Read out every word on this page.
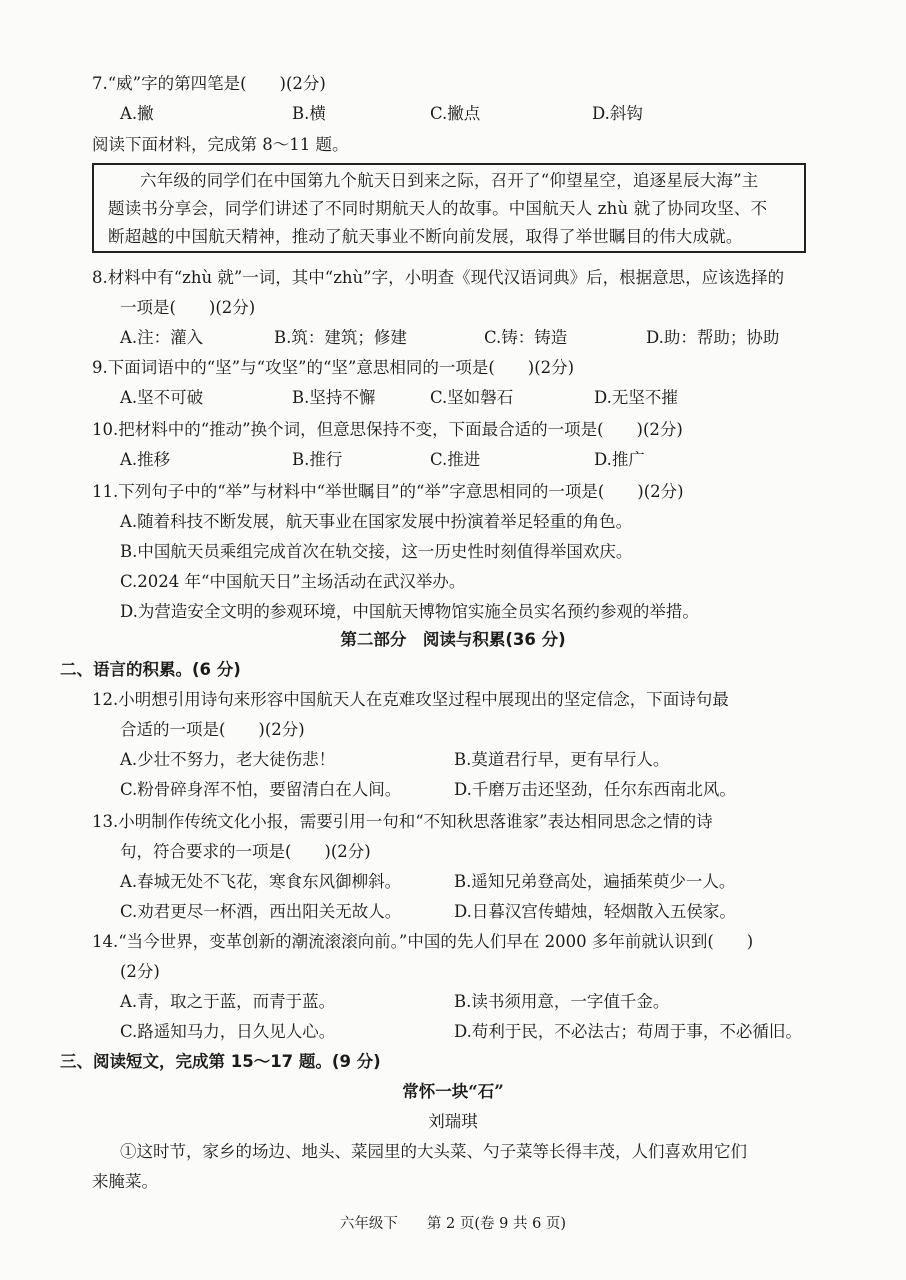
7.“威”字的第四笔是(　　)(2分)
A.撇	B.横	C.撇点	D.斜钩
阅读下面材料，完成第 8～11 题。
六年级的同学们在中国第九个航天日到来之际，召开了“仰望星空，追逐星辰大海”主
题读书分享会，同学们讲述了不同时期航天人的故事。中国航天人 zhù 就了协同攻坚、不
断超越的中国航天精神，推动了航天事业不断向前发展，取得了举世瞩目的伟大成就。
8.材料中有“zhù 就”一词，其中“zhù”字，小明查《现代汉语词典》后，根据意思，应该选择的
一项是(　　)(2分)
A.注：灌入	B.筑：建筑；修建	C.铸：铸造	D.助：帮助；协助
9.下面词语中的“坚”与“攻坚”的“坚”意思相同的一项是(　　)(2分)
A.坚不可破	B.坚持不懈	C.坚如磐石	D.无坚不摧
10.把材料中的“推动”换个词，但意思保持不变，下面最合适的一项是(　　)(2分)
A.推移	B.推行	C.推进	D.推广
11.下列句子中的“举”与材料中“举世瞩目”的“举”字意思相同的一项是(　　)(2分)
A.随着科技不断发展，航天事业在国家发展中扮演着举足轻重的角色。
B.中国航天员乘组完成首次在轨交接，这一历史性时刻值得举国欢庆。
C.2024 年“中国航天日”主场活动在武汉举办。
D.为营造安全文明的参观环境，中国航天博物馆实施全员实名预约参观的举措。
第二部分　阅读与积累(36 分)
二、语言的积累。(6 分)
12.小明想引用诗句来形容中国航天人在克难攻坚过程中展现出的坚定信念，下面诗句最
合适的一项是(　　)(2分)
A.少壮不努力，老大徒伤悲！	B.莫道君行早，更有早行人。
C.粉骨碎身浑不怕，要留清白在人间。	D.千磨万击还坚劲，任尔东西南北风。
13.小明制作传统文化小报，需要引用一句和“不知秋思落谁家”表达相同思念之情的诗
句，符合要求的一项是(　　)(2分)
A.春城无处不飞花，寒食东风御柳斜。	B.遥知兄弟登高处，遍插茱萸少一人。
C.劝君更尽一杯酒，西出阳关无故人。	D.日暮汉宫传蜡烛，轻烟散入五侯家。
14.“当今世界，变革创新的潮流滚滚向前。”中国的先人们早在 2000 多年前就认识到(　　)
(2分)
A.青，取之于蓝，而青于蓝。	B.读书须用意，一字值千金。
C.路遥知马力，日久见人心。	D.苟利于民，不必法古；苟周于事，不必循旧。
三、阅读短文，完成第 15～17 题。(9 分)
常怀一块“石”
刘瑞琪
①这时节，家乡的场边、地头、菜园里的大头菜、勺子菜等长得丰茂，人们喜欢用它们
来腌菜。
六年级下　　第 2 页(卷 9 共 6 页)
